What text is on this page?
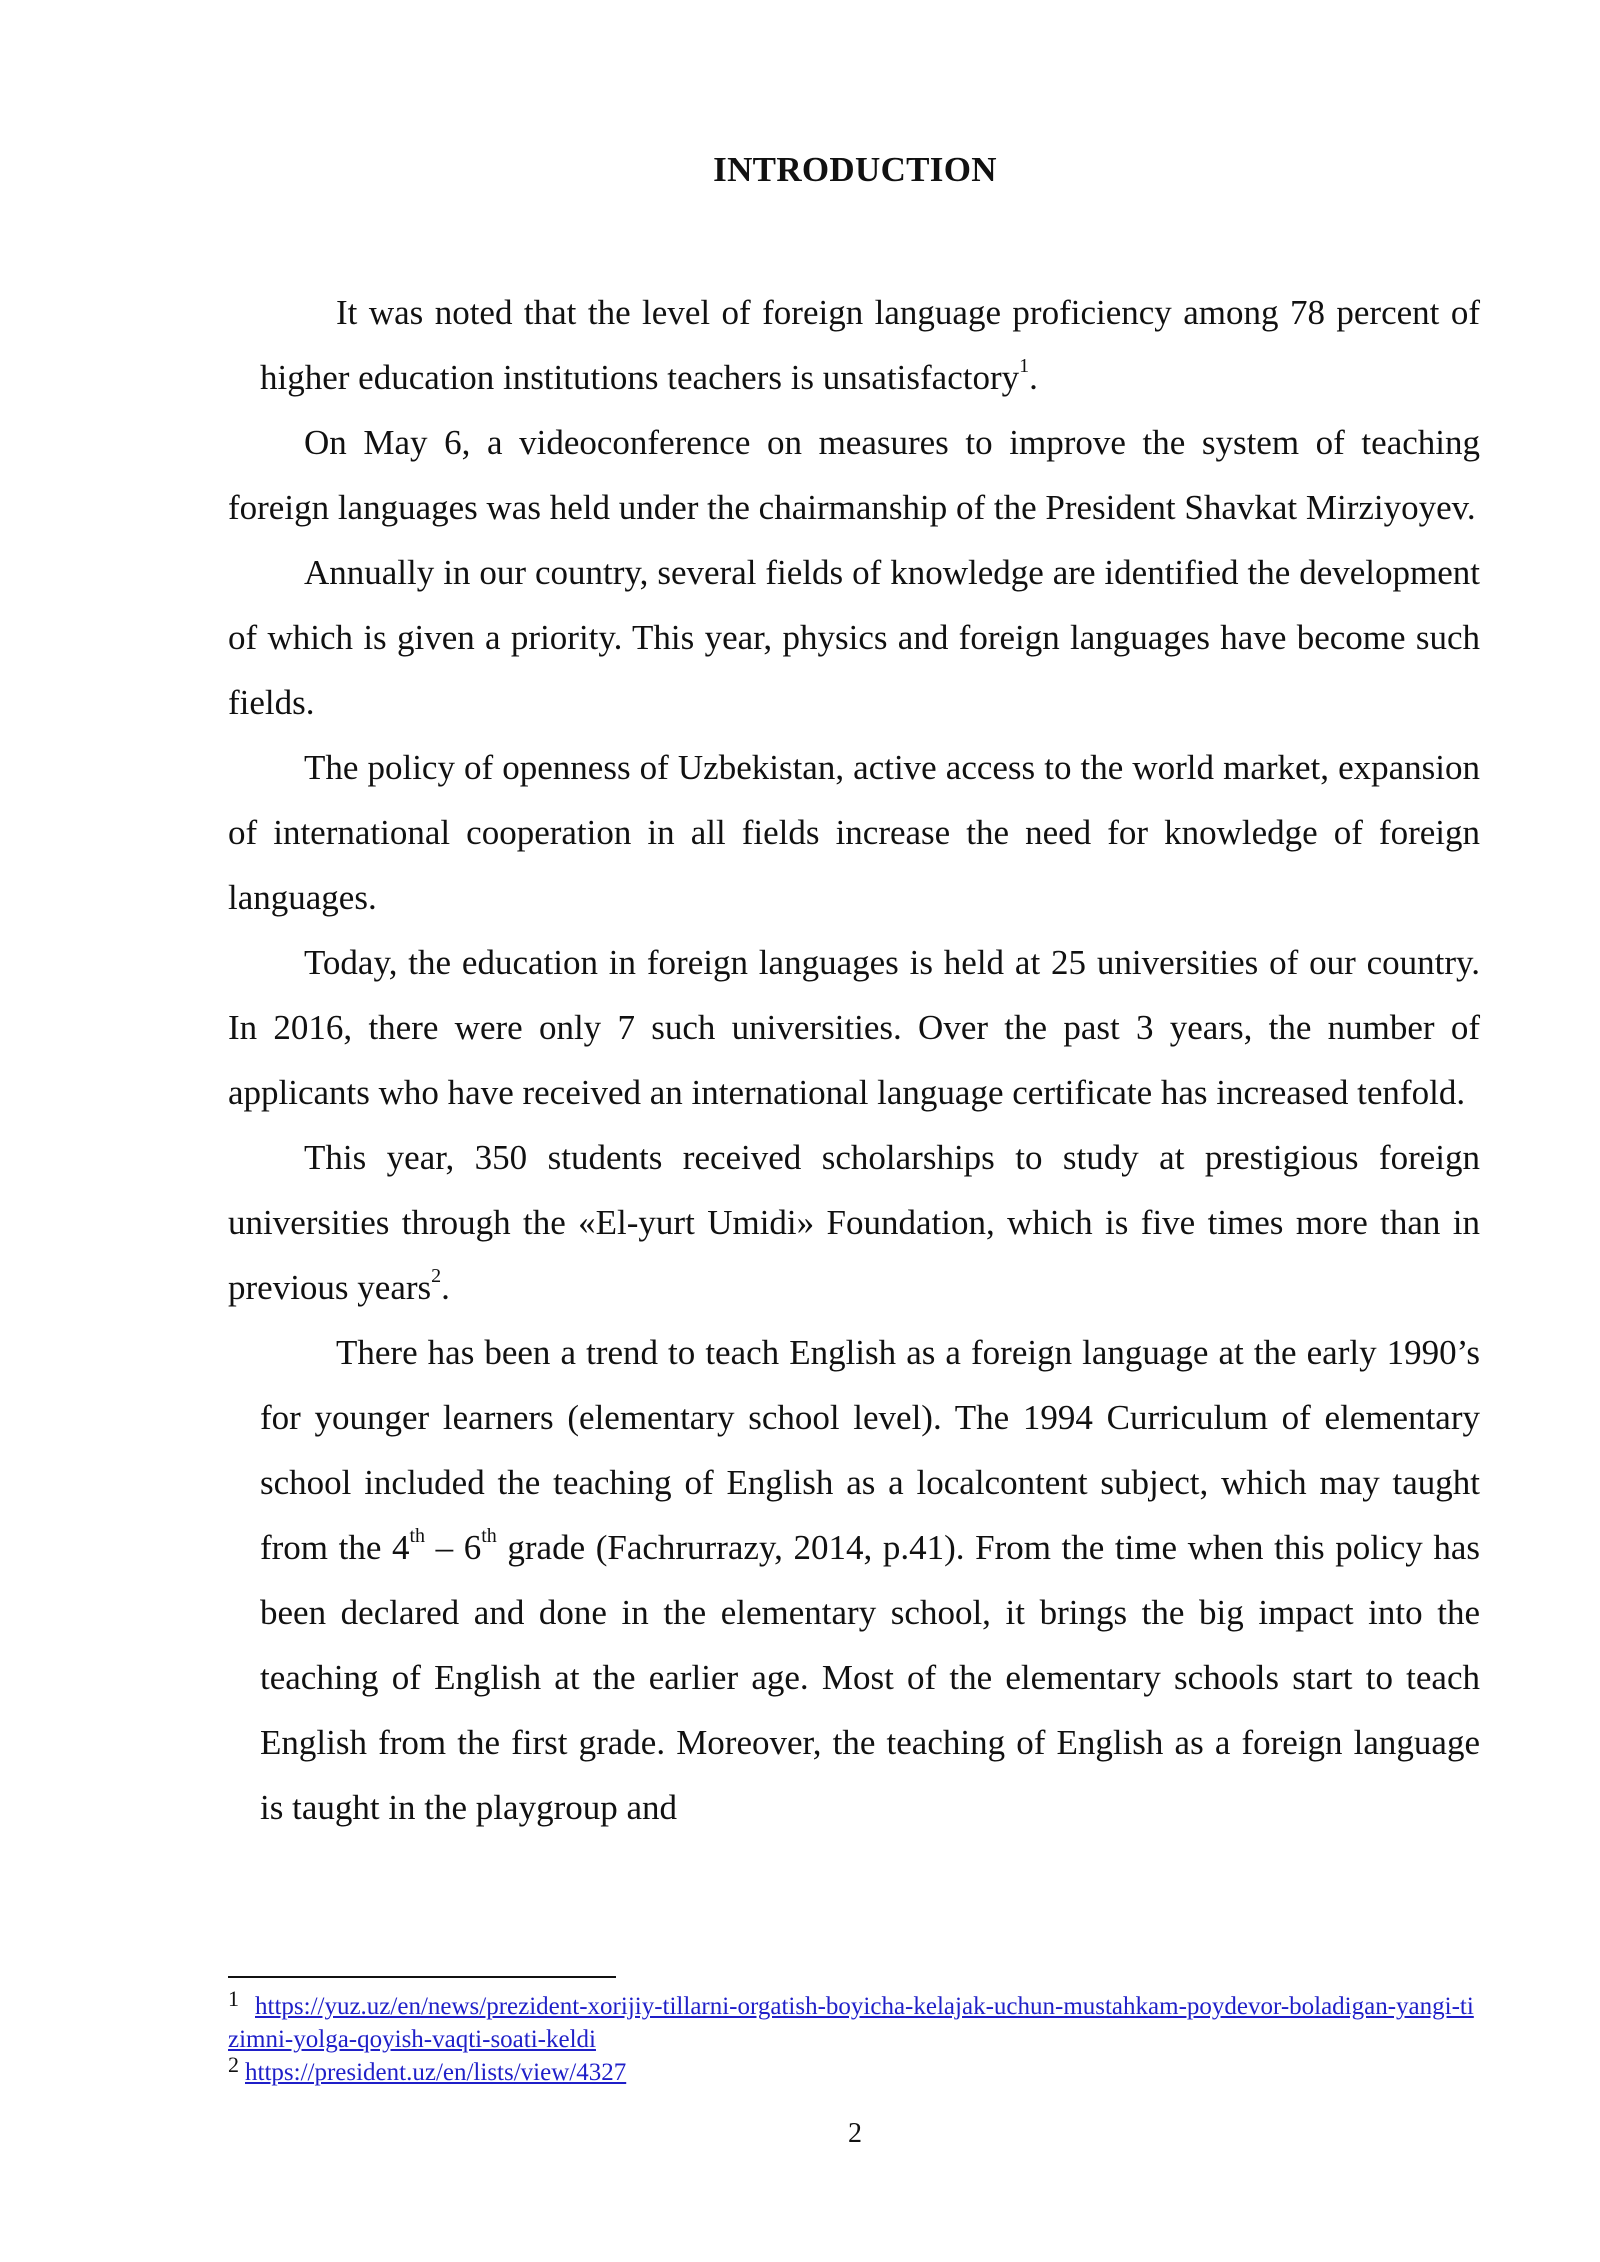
INTRODUCTION

It was noted that the level of foreign language proficiency among 78 percent of higher education institutions teachers is unsatisfactory$^1$.

On May 6, a videoconference on measures to improve the system of teaching foreign languages was held under the chairmanship of the President Shavkat Mirziyoyev.

Annually in our country, several fields of knowledge are identified the development of which is given a priority. This year, physics and foreign languages have become such fields.

The policy of openness of Uzbekistan, active access to the world market, expansion of international cooperation in all fields increase the need for knowledge of foreign languages.

Today, the education in foreign languages is held at 25 universities of our country. In 2016, there were only 7 such universities. Over the past 3 years, the number of applicants who have received an international language certificate has increased tenfold.

This year, 350 students received scholarships to study at prestigious foreign universities through the «El-yurt Umidi» Foundation, which is five times more than in previous years$^2$.

There has been a trend to teach English as a foreign language at the early 1990’s for younger learners (elementary school level). The 1994 Curriculum of elementary school included the teaching of English as a localcontent subject, which may taught from the 4th – 6th grade (Fachrurrazy, 2014, p.41). From the time when this policy has been declared and done in the elementary school, it brings the big impact into the teaching of English at the earlier age. Most of the elementary schools start to teach English from the first grade. Moreover, the teaching of English as a foreign language is taught in the playgroup and

1 https://yuz.uz/en/news/prezident-xorijiy-tillarni-orgatish-boyicha-kelajak-uchun-mustahkam-poydevor-boladigan-yangi-tizimni-yolga-qoyish-vaqti-soati-keldi

2 https://president.uz/en/lists/view/4327

2
